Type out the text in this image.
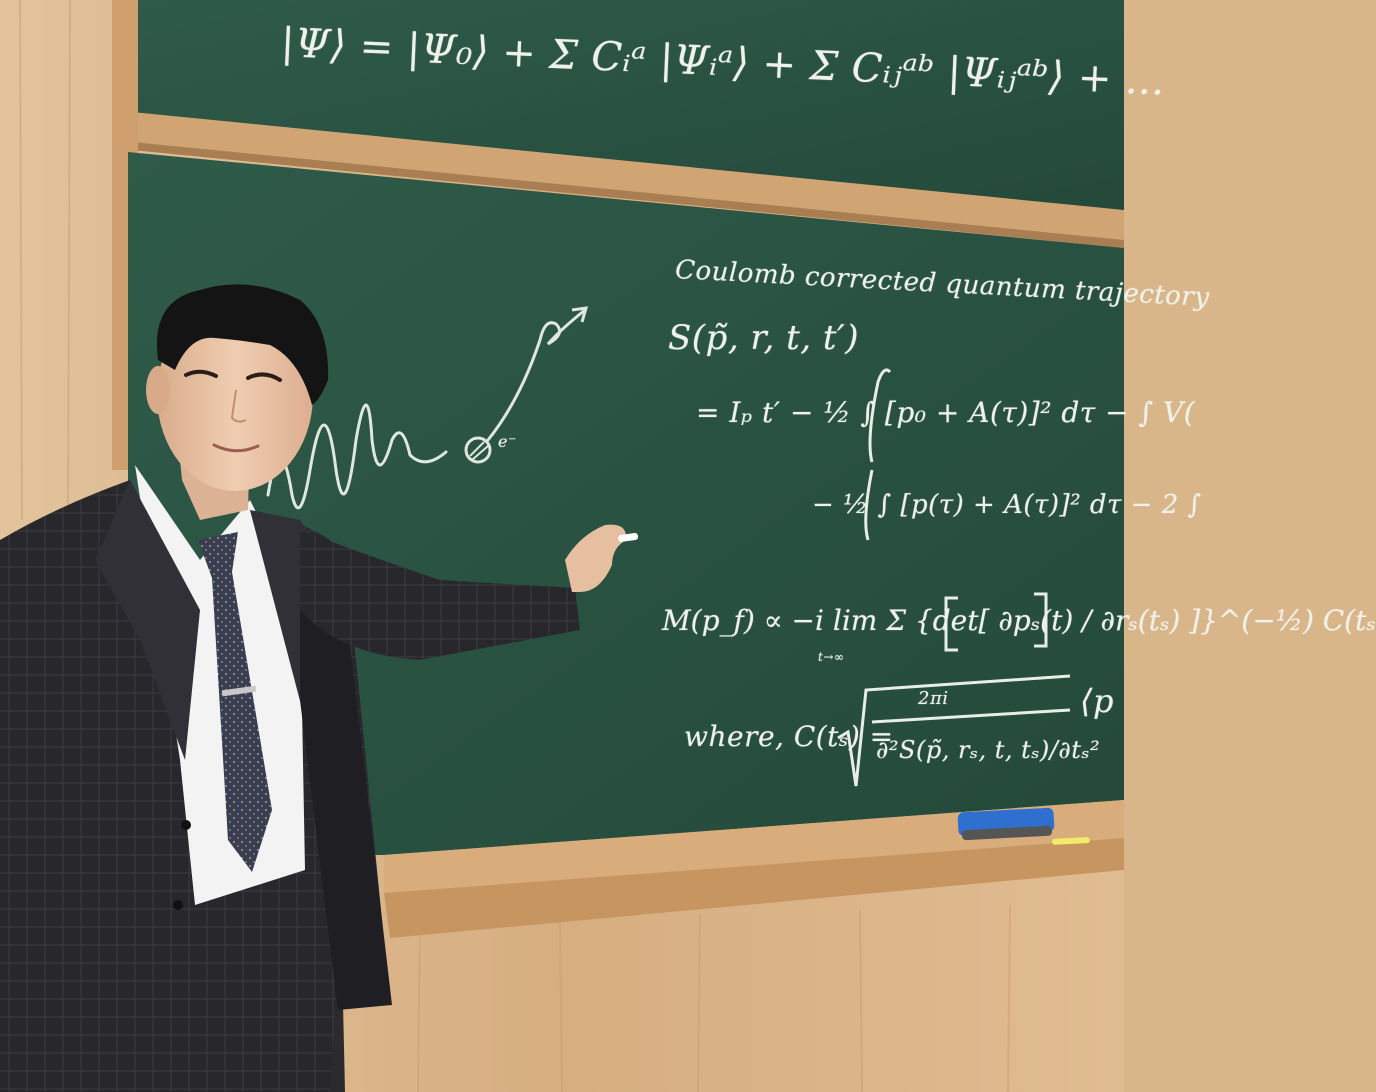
|Ψ⟩ = |Ψ₀⟩ + Σ Cᵢᵃ |Ψᵢᵃ⟩ + Σ Cᵢⱼᵃᵇ |Ψᵢⱼᵃᵇ⟩ + ...
Coulomb corrected quantum trajectory
S(p̃, r, t, t′)
= Iₚ t′ − ½ ∫ [p₀ + A(τ)]² dτ − ∫ V(
− ½ ∫ [p(τ) + A(τ)]² dτ − 2 ∫
M(p_f) ∝ −i lim Σ {det[ ∂pₛ(t) / ∂rₛ(tₛ) ]}^(−½) C(tₛ
t→∞
where, C(tₛ) =
2πi
∂²S(p̃, rₛ, t, tₛ)/∂tₛ²
⟨p
e⁻
